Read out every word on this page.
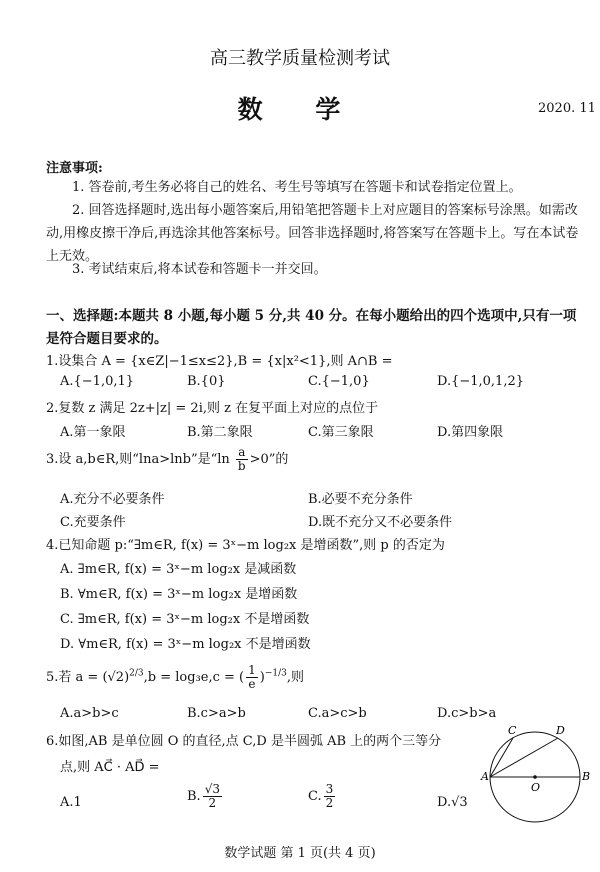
高三教学质量检测考试
数 学	2020. 11
注意事项:
1. 答卷前,考生务必将自己的姓名、考生号等填写在答题卡和试卷指定位置上。
2. 回答选择题时,选出每小题答案后,用铅笔把答题卡上对应题目的答案标号涂黑。如需改动,用橡皮擦干净后,再选涂其他答案标号。回答非选择题时,将答案写在答题卡上。写在本试卷上无效。
3. 考试结束后,将本试卷和答题卡一并交回。
一、选择题:本题共 8 小题,每小题 5 分,共 40 分。在每小题给出的四个选项中,只有一项是符合题目要求的。
1.设集合 A = {x∈Z|−1≤x≤2},B = {x|x²<1},则 A∩B =
A.{−1,0,1}	B.{0}	C.{−1,0}	D.{−1,0,1,2}
2.复数 z 满足 2z+|z| = 2i,则 z 在复平面上对应的点位于
A.第一象限	B.第二象限	C.第三象限	D.第四象限
3.设 a,b∈R,则“lna>lnb”是“$\ln \frac{a}{b} >0$”的
A.充分不必要条件	B.必要不充分条件
C.充要条件	D.既不充分又不必要条件
4.已知命题 p:“∃m∈R, f(x) = 3ˣ−m log₂x 是增函数”,则 p 的否定为
A. ∃m∈R, f(x) = 3ˣ−m log₂x 是减函数
B. ∀m∈R, f(x) = 3ˣ−m log₂x 是增函数
C. ∃m∈R, f(x) = 3ˣ−m log₂x 不是增函数
D. ∀m∈R, f(x) = 3ˣ−m log₂x 不是增函数
5.若 $a = (√2)^{2/3},b = \log_3e,c$ = ( $\frac{1}{e} )^{-1/3}$,则
A.a>b>c	B.c>a>b	C.a>c>b	D.c>b>a
6.如图,AB 是单位圆 O 的直径,点 C,D 是半圆弧 AB 上的两个三等分
点,则 AC⃗ · AD⃗ =
A.1	B. $\frac{√3}{2}$	C. $\frac{3}{2}$	D.√3
C	D
A	B
O
数学试题 第 1 页(共 4 页)
